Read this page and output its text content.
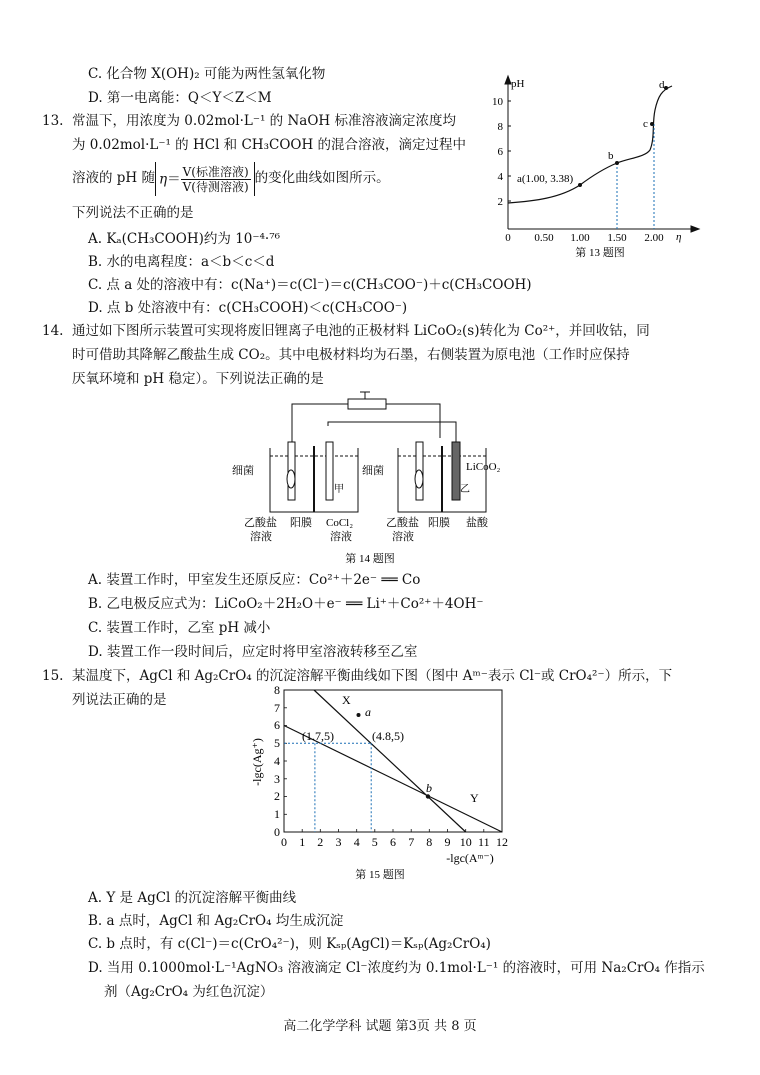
C. 化合物 X(OH)₂ 可能为两性氢氧化物
D. 第一电离能：Q＜Y＜Z＜M
13. 常温下，用浓度为 0.02mol·L⁻¹ 的 NaOH 标准溶液滴定浓度均
为 0.02mol·L⁻¹ 的 HCl 和 CH₃COOH 的混合溶液，滴定过程中
溶液的 pH 随 $\eta= \frac{\text{V(标准溶液)}}{\text{V(待测溶液)}}$ 的变化曲线如图所示。
下列说法不正确的是
A. Kₐ(CH₃COOH)约为 10⁻⁴·⁷⁶
B. 水的电离程度：a＜b＜c＜d
C. 点 a 处的溶液中有：c(Na⁺)＝c(Cl⁻)＝c(CH₃COO⁻)＋c(CH₃COOH)
D. 点 b 处溶液中有：c(CH₃COOH)＜c(CH₃COO⁻)
pH
η
2
4
6
8
10
0 0.50 1.00 1.50 2.00
a(1.00, 3.38)
b
c
d
第 13 题图
14. 通过如下图所示装置可实现将废旧锂离子电池的正极材料 LiCoO₂(s)转化为 Co²⁺，并回收钴，同
时可借助其降解乙酸盐生成 CO₂。其中电极材料均为石墨，右侧装置为原电池（工作时应保持
厌氧环境和 pH 稳定）。下列说法正确的是
细菌	细菌	LiCoO₂
甲	乙
乙酸盐
溶液
阳膜 CoCl₂
溶液
乙酸盐
溶液
阳膜 盐酸
第 14 题图
A. 装置工作时，甲室发生还原反应：Co²⁺＋2e⁻ ══ Co
B. 乙电极反应式为：LiCoO₂＋2H₂O＋e⁻ ══ Li⁺＋Co²⁺＋4OH⁻
C. 装置工作时，乙室 pH 减小
D. 装置工作一段时间后，应定时将甲室溶液转移至乙室
15. 某温度下，AgCl 和 Ag₂CrO₄ 的沉淀溶解平衡曲线如下图（图中 Aᵐ⁻表示 Cl⁻或 CrO₄²⁻）所示，下
列说法正确的是
0 1 2 3 4 5 6 7 8 9 10 11 12
0
1
2
3
4
5
6
7
8
-lgc(Ag⁺)
-lgc(Aᵐ⁻)
X
a
(1.7,5)	(4.8,5)
b
Y
第 15 题图
A. Y 是 AgCl 的沉淀溶解平衡曲线
B. a 点时，AgCl 和 Ag₂CrO₄ 均生成沉淀
C. b 点时，有 c(Cl⁻)＝c(CrO₄²⁻)，则 Kₛₚ(AgCl)＝Kₛₚ(Ag₂CrO₄)
D. 当用 0.1000mol·L⁻¹AgNO₃ 溶液滴定 Cl⁻浓度约为 0.1mol·L⁻¹ 的溶液时，可用 Na₂CrO₄ 作指示
剂（Ag₂CrO₄ 为红色沉淀）
高二化学学科 试题 第3页 共 8 页
